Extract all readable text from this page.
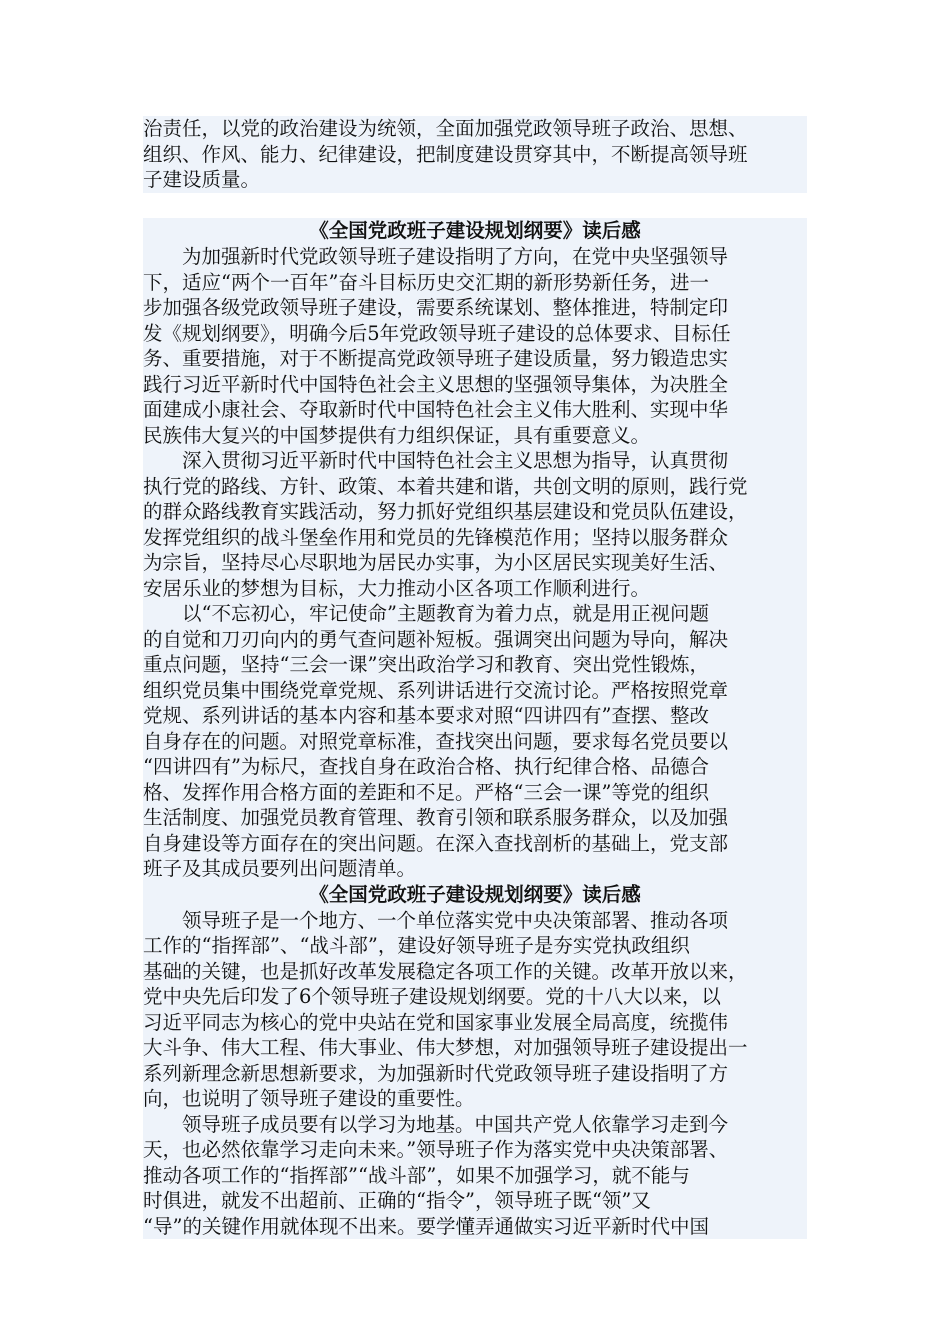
治责任，以党的政治建设为统领，全面加强党政领导班子政治、思想、
组织、作风、能力、纪律建设，把制度建设贯穿其中，不断提高领导班
子建设质量。
《全国党政班子建设规划纲要》读后感
为加强新时代党政领导班子建设指明了方向，在党中央坚强领导
下，适应“两个一百年”奋斗目标历史交汇期的新形势新任务，进一
步加强各级党政领导班子建设，需要系统谋划、整体推进，特制定印
发《规划纲要》，明确今后5年党政领导班子建设的总体要求、目标任
务、重要措施，对于不断提高党政领导班子建设质量，努力锻造忠实
践行习近平新时代中国特色社会主义思想的坚强领导集体，为决胜全
面建成小康社会、夺取新时代中国特色社会主义伟大胜利、实现中华
民族伟大复兴的中国梦提供有力组织保证，具有重要意义。
深入贯彻习近平新时代中国特色社会主义思想为指导，认真贯彻
执行党的路线、方针、政策、本着共建和谐，共创文明的原则，践行党
的群众路线教育实践活动，努力抓好党组织基层建设和党员队伍建设，
发挥党组织的战斗堡垒作用和党员的先锋模范作用；坚持以服务群众
为宗旨，坚持尽心尽职地为居民办实事，为小区居民实现美好生活、
安居乐业的梦想为目标，大力推动小区各项工作顺利进行。
以“不忘初心，牢记使命”主题教育为着力点，就是用正视问题
的自觉和刀刃向内的勇气查问题补短板。强调突出问题为导向，解决
重点问题，坚持“三会一课”突出政治学习和教育、突出党性锻炼，
组织党员集中围绕党章党规、系列讲话进行交流讨论。严格按照党章
党规、系列讲话的基本内容和基本要求对照“四讲四有”查摆、整改
自身存在的问题。对照党章标准，查找突出问题，要求每名党员要以
“四讲四有”为标尺，查找自身在政治合格、执行纪律合格、品德合
格、发挥作用合格方面的差距和不足。严格“三会一课”等党的组织
生活制度、加强党员教育管理、教育引领和联系服务群众，以及加强
自身建设等方面存在的突出问题。在深入查找剖析的基础上，党支部
班子及其成员要列出问题清单。
《全国党政班子建设规划纲要》读后感
领导班子是一个地方、一个单位落实党中央决策部署、推动各项
工作的“指挥部”、“战斗部”，建设好领导班子是夯实党执政组织
基础的关键，也是抓好改革发展稳定各项工作的关键。改革开放以来，
党中央先后印发了6个领导班子建设规划纲要。党的十八大以来，以
习近平同志为核心的党中央站在党和国家事业发展全局高度，统揽伟
大斗争、伟大工程、伟大事业、伟大梦想，对加强领导班子建设提出一
系列新理念新思想新要求，为加强新时代党政领导班子建设指明了方
向，也说明了领导班子建设的重要性。
领导班子成员要有以学习为地基。中国共产党人依靠学习走到今
天，也必然依靠学习走向未来。”领导班子作为落实党中央决策部署、
推动各项工作的“指挥部”“战斗部”，如果不加强学习，就不能与
时俱进，就发不出超前、正确的“指令”，领导班子既“领”又
“导”的关键作用就体现不出来。要学懂弄通做实习近平新时代中国
